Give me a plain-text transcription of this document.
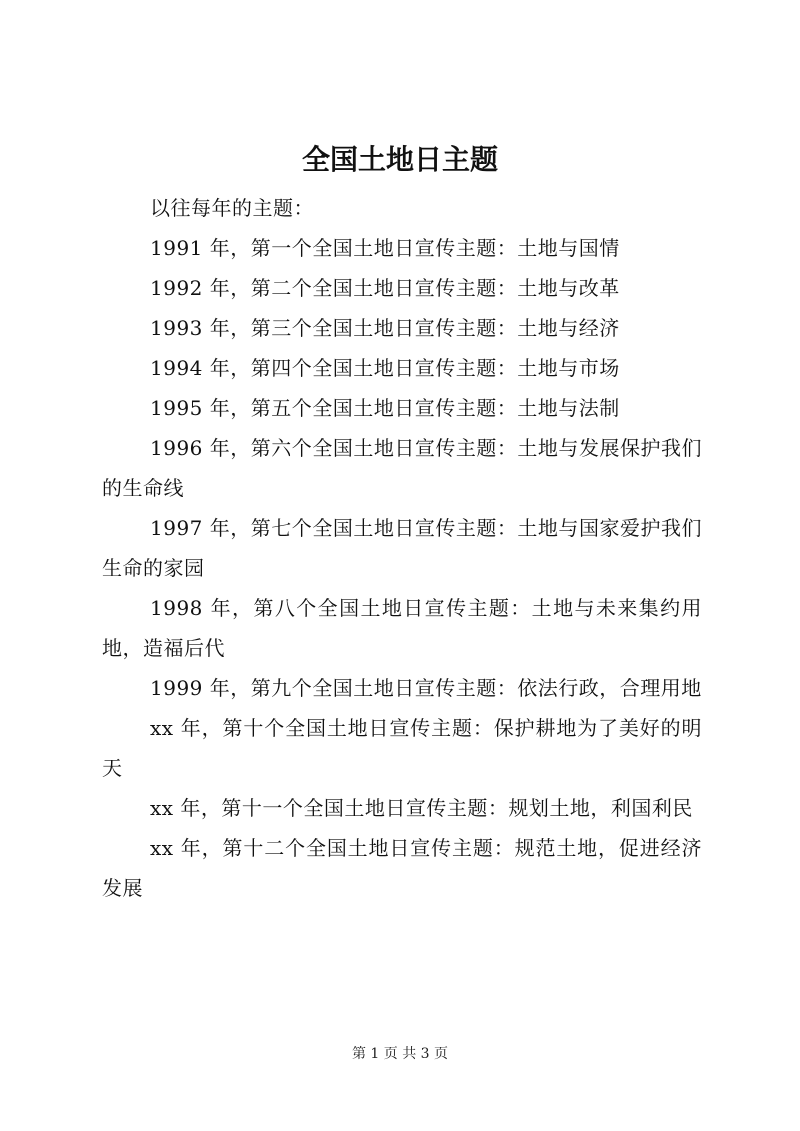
全国土地日主题

以往每年的主题：

1991 年，第一个全国土地日宣传主题：土地与国情

1992 年，第二个全国土地日宣传主题：土地与改革

1993 年，第三个全国土地日宣传主题：土地与经济

1994 年，第四个全国土地日宣传主题：土地与市场

1995 年，第五个全国土地日宣传主题：土地与法制

1996 年，第六个全国土地日宣传主题：土地与发展保护我们的生命线

1997 年，第七个全国土地日宣传主题：土地与国家爱护我们生命的家园

1998 年，第八个全国土地日宣传主题：土地与未来集约用地，造福后代

1999 年，第九个全国土地日宣传主题：依法行政，合理用地

xx 年，第十个全国土地日宣传主题：保护耕地为了美好的明天

xx 年，第十一个全国土地日宣传主题：规划土地，利国利民

xx 年，第十二个全国土地日宣传主题：规范土地，促进经济发展

第 1 页 共 3 页
